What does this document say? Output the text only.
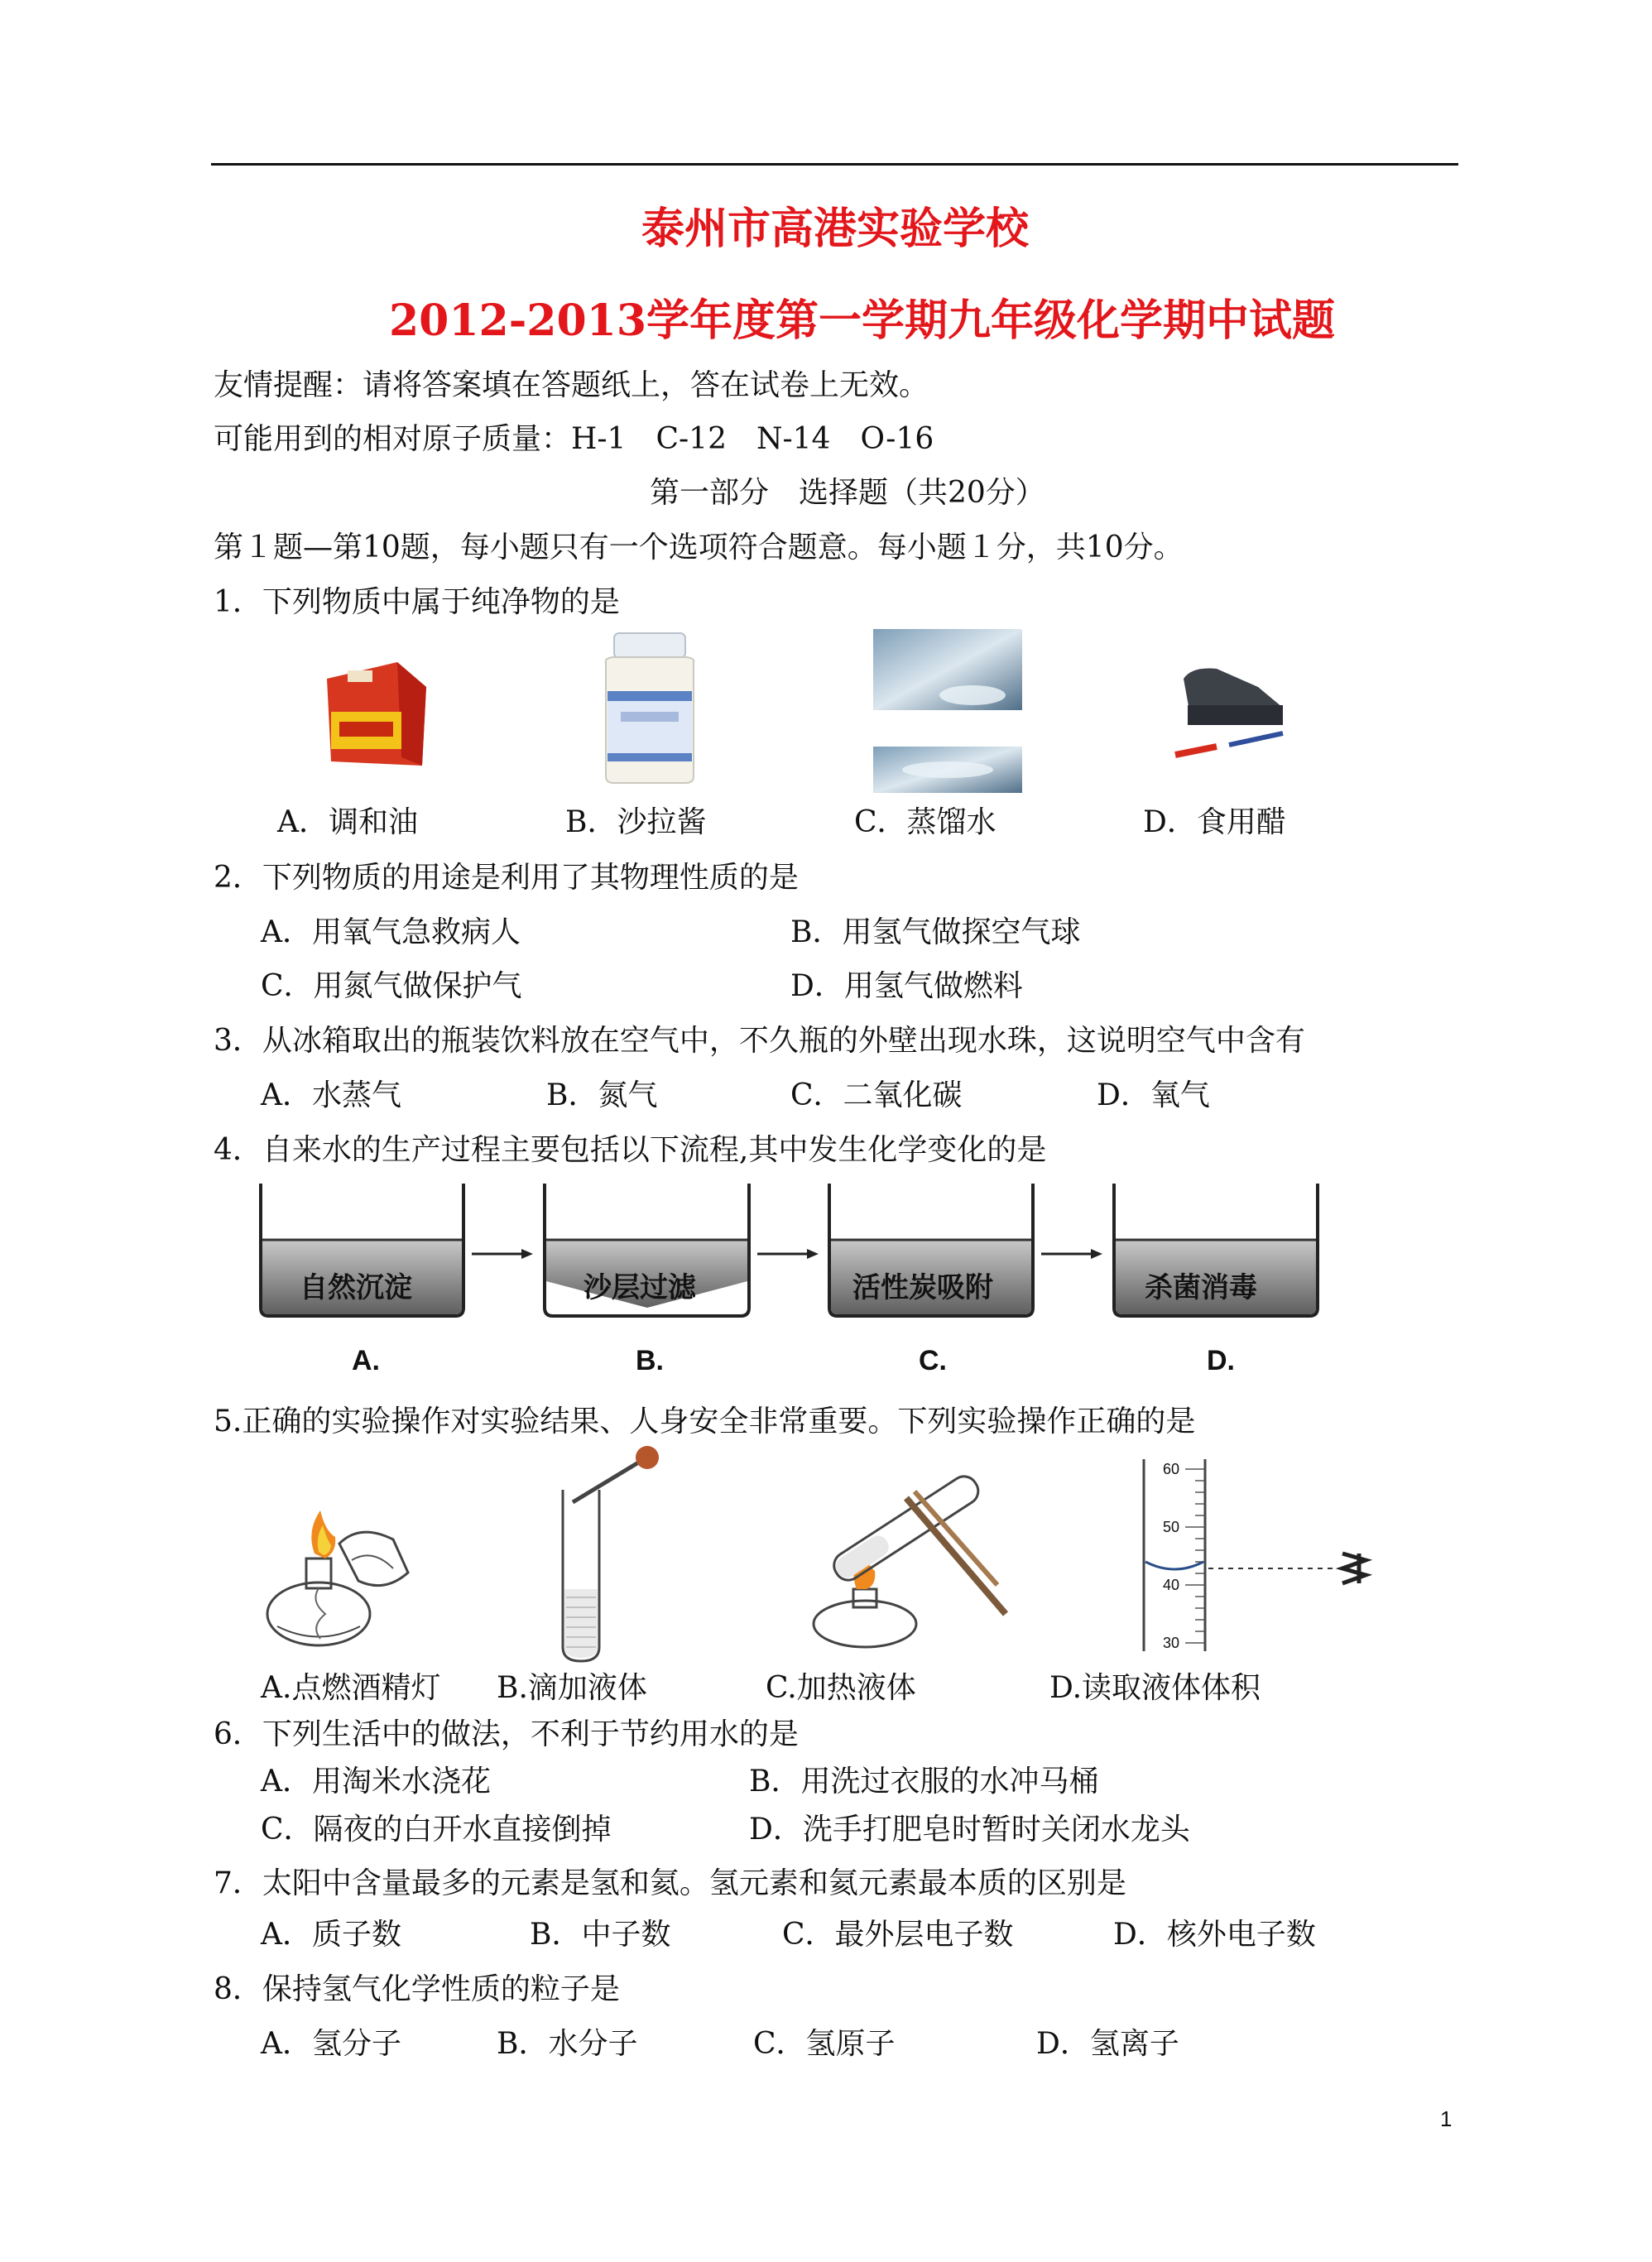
泰州市高港实验学校
2012-2013学年度第一学期九年级化学期中试题
友情提醒：请将答案填在答题纸上，答在试卷上无效。
可能用到的相对原子质量：H-1　C-12　N-14　O-16
第一部分　选择题（共20分）
第１题—第10题，每小题只有一个选项符合题意。每小题１分，共10分。
1．下列物质中属于纯净物的是
A．调和油	B．沙拉酱	C．蒸馏水	D．食用醋
2．下列物质的用途是利用了其物理性质的是
A．用氧气急救病人	B．用氢气做探空气球
C．用氮气做保护气	D．用氢气做燃料
3．从冰箱取出的瓶装饮料放在空气中，不久瓶的外壁出现水珠，这说明空气中含有
A．水蒸气	B．氮气	C．二氧化碳	D．氧气
4．自来水的生产过程主要包括以下流程,其中发生化学变化的是
自然沉淀	沙层过滤	活性炭吸附	杀菌消毒
A.	B.	C.	D.
5.正确的实验操作对实验结果、人身安全非常重要。下列实验操作正确的是
60
50
40
30
A.点燃酒精灯 B.滴加液体	C.加热液体	D.读取液体体积
6．下列生活中的做法，不利于节约用水的是
A．用淘米水浇花	B．用洗过衣服的水冲马桶
C．隔夜的白开水直接倒掉	D．洗手打肥皂时暂时关闭水龙头
7．太阳中含量最多的元素是氢和氦。氢元素和氦元素最本质的区别是
A．质子数	B．中子数	C．最外层电子数	D．核外电子数
8．保持氢气化学性质的粒子是
A．氢分子	B．水分子	C．氢原子	D．氢离子
1
